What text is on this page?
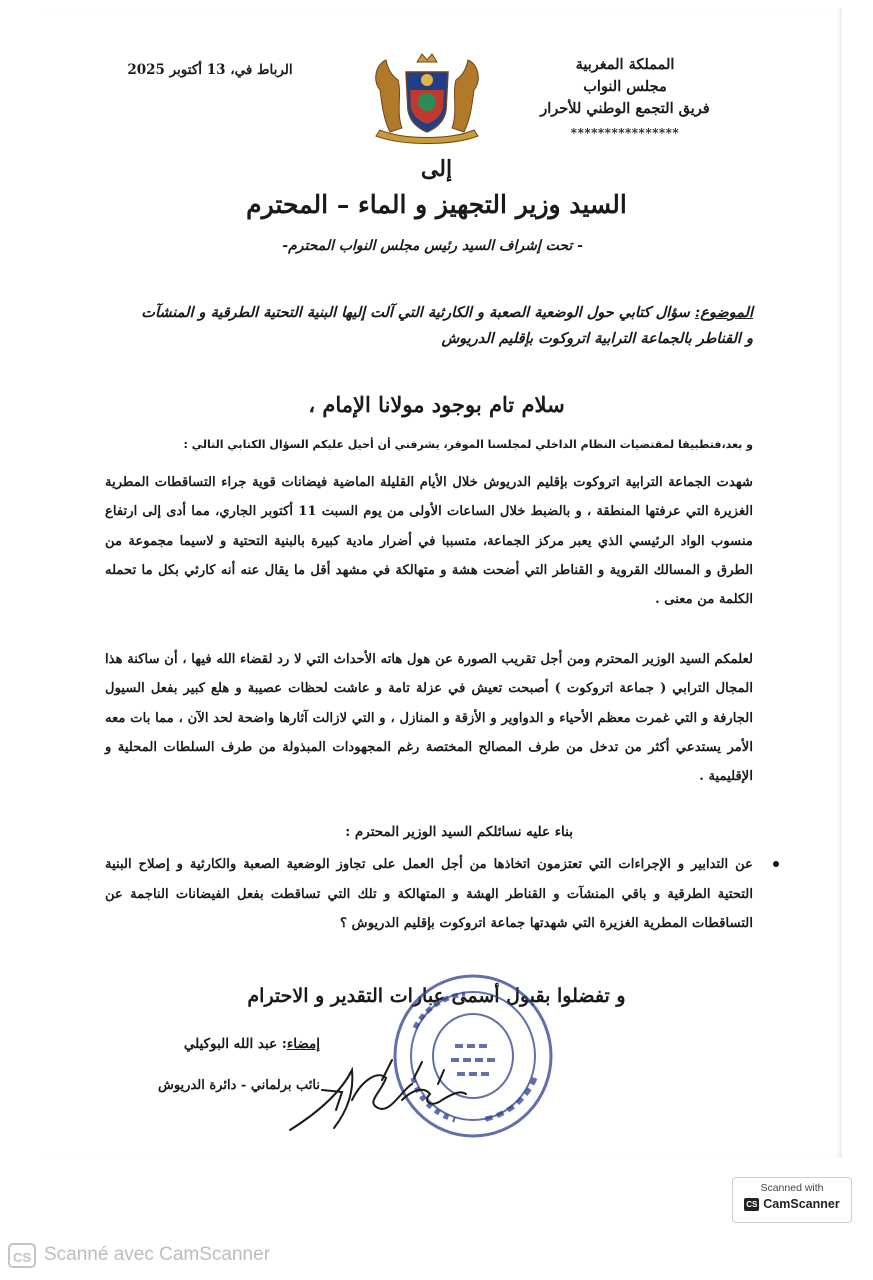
المملكة المغربية
مجلس النواب
فريق التجمع الوطني للأحرار
****************
الرباط في، 13 أكتوبر 2025
إلى
السيد وزير التجهيز و الماء – المحترم
- تحت إشراف السيد رئيس مجلس النواب المحترم-
الموضوع: سؤال كتابي حول الوضعية الصعبة و الكارثية التي آلت إليها البنية التحتية الطرقية و المنشآت
و القناطر بالجماعة الترابية اتروكوت بإقليم الدريوش
سلام تام بوجود مولانا الإمام ،
و بعد،فتطبيقا لمقتضيات النظام الداخلي لمجلسنا الموقر، يشرفني أن أحيل عليكم السؤال الكتابي التالي :
شهدت الجماعة الترابية اتروكوت بإقليم الدريوش خلال الأيام القليلة الماضية فيضانات قوية جراء التساقطات المطرية الغزيرة التي عرفتها المنطقة ، و بالضبط خلال الساعات الأولى من يوم السبت 11 أكتوبر الجاري، مما أدى إلى ارتفاع منسوب الواد الرئيسي الذي يعبر مركز الجماعة، متسببا في أضرار مادية كبيرة بالبنية التحتية و لاسيما مجموعة من الطرق و المسالك القروية و القناطر التي أضحت هشة و متهالكة في مشهد أقل ما يقال عنه أنه كارثي بكل ما تحمله الكلمة من معنى .
لعلمكم السيد الوزير المحترم ومن أجل تقريب الصورة عن هول هاته الأحداث التي لا رد لقضاء الله فيها ، أن ساكنة هذا المجال الترابي ( جماعة اتروكوت ) أصبحت تعيش في عزلة تامة و عاشت لحظات عصيبة و هلع كبير بفعل السيول الجارفة و التي غمرت معظم الأحياء و الدواوير و الأزقة و المنازل ، و التي لازالت آثارها واضحة لحد الآن ، مما بات معه الأمر يستدعي أكثر من تدخل من طرف المصالح المختصة رغم المجهودات المبذولة من طرف السلطات المحلية و الإقليمية .
بناء عليه نسائلكم السيد الوزير المحترم :
عن التدابير و الإجراءات التي تعتزمون اتخاذها من أجل العمل على تجاوز الوضعية الصعبة والكارثية و إصلاح البنية التحتية الطرقية و باقي المنشآت و القناطر الهشة و المتهالكة و تلك التي تساقطت بفعل الفيضانات الناجمة عن التساقطات المطرية الغزيرة التي شهدتها جماعة اتروكوت بإقليم الدريوش ؟
و تفضلوا بقبول أسمى عبارات التقدير و الاحترام
إمضاء: عبد الله البوكيلي
نائب برلماني - دائرة الدريوش
Scanned with
CS CamScanner
CS Scanné avec CamScanner
